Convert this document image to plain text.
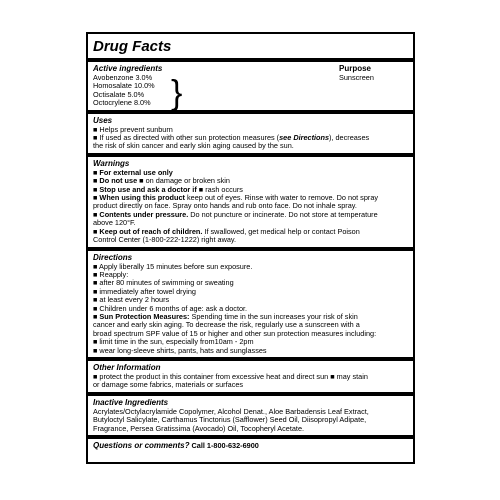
Drug Facts
Active ingredients
Avobenzone 3.0%
Homosalate 10.0%
Octisalate 5.0%
Octocrylene 8.0% }
Purpose
Sunscreen
Uses
■ Helps prevent sunburn
■ If used as directed with other sun protection measures (see Directions), decreases
the risk of skin cancer and early skin aging caused by the sun.
Warnings
■ For external use only
■ Do not use ■ on damage or broken skin
■ Stop use and ask a doctor if ■ rash occurs
■ When using this product keep out of eyes. Rinse with water to remove. Do not spray
product directly on face. Spray onto hands and rub onto face. Do not inhale spray.
■ Contents under pressure. Do not puncture or incinerate. Do not store at temperature
above 120°F.
■ Keep out of reach of children. If swallowed, get medical help or contact Poison
Control Center (1-800-222-1222) right away.
Directions
■ Apply liberally 15 minutes before sun exposure.
■ Reapply:
■ after 80 minutes of swimming or sweating
■ immediately after towel drying
■ at least every 2 hours
■ Children under 6 months of age: ask a doctor.
■ Sun Protection Measures: Spending time in the sun increases your risk of skin
cancer and early skin aging. To decrease the risk, regularly use a sunscreen with a
broad spectrum SPF value of 15 or higher and other sun protection measures including:
■ limit time in the sun, especially from10am - 2pm
■ wear long-sleeve shirts, pants, hats and sunglasses
Other Information
■ protect the product in this container from excessive heat and direct sun ■ may stain
or damage some fabrics, materials or surfaces
Inactive Ingredients
Acrylates/Octylacrylamide Copolymer, Alcohol Denat., Aloe Barbadensis Leaf Extract,
Butyloctyl Salicylate, Carthamus Tinctorius (Safflower) Seed Oil, Diisopropyl Adipate,
Fragrance, Persea Gratissima (Avocado) Oil, Tocopheryl Acetate.
Questions or comments? Call 1-800-632-6900
